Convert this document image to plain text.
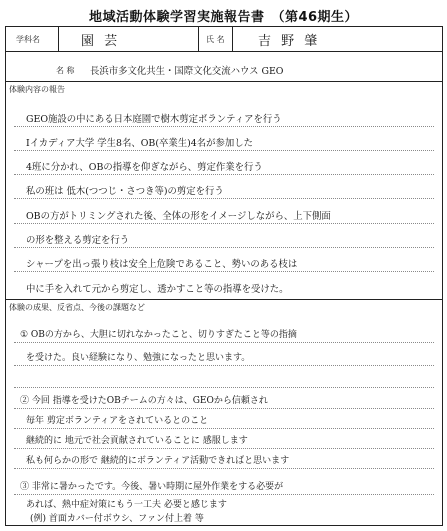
地域活動体験学習実施報告書　（第46期生）
学科名	園 芸	氏 名	吉 野 肇
名 称 長浜市多文化共生・国際文化交流ハウス GEO
体験内容の報告
GEO施設の中にある日本庭園で樹木剪定ボランティアを行う
Iイカディア大学 学生8名、OB(卒業生)4名が参加した
4班に分かれ、OBの指導を仰ぎながら、剪定作業を行う
私の班は 低木(つつじ・さつき等)の剪定を行う
OBの方がトリミングされた後、全体の形をイメージしながら、上下側面
の形を整える剪定を行う
シャープを出っ張り枝は安全上危険であること、勢いのある枝は
中に手を入れて元から剪定し、透かすこと等の指導を受けた。
体験の成果、反省点、今後の課題など
① OBの方から、大胆に切れなかったこと、切りすぎたこと等の指摘
を受けた。良い経験になり、勉強になったと思います。
② 今回 指導を受けたOBチームの方々は、GEOから信頼され
毎年 剪定ボランティアをされているとのこと
継続的に 地元で社会貢献されていることに 感服します
私も何らかの形で 継続的にボランティア活動できればと思います
③ 非常に暑かったです。今後、暑い時期に屋外作業をする必要が
あれば、熱中症対策にもう一工夫 必要と感じます
(例) 首面カバー付ボウシ、ファン付上着 等
